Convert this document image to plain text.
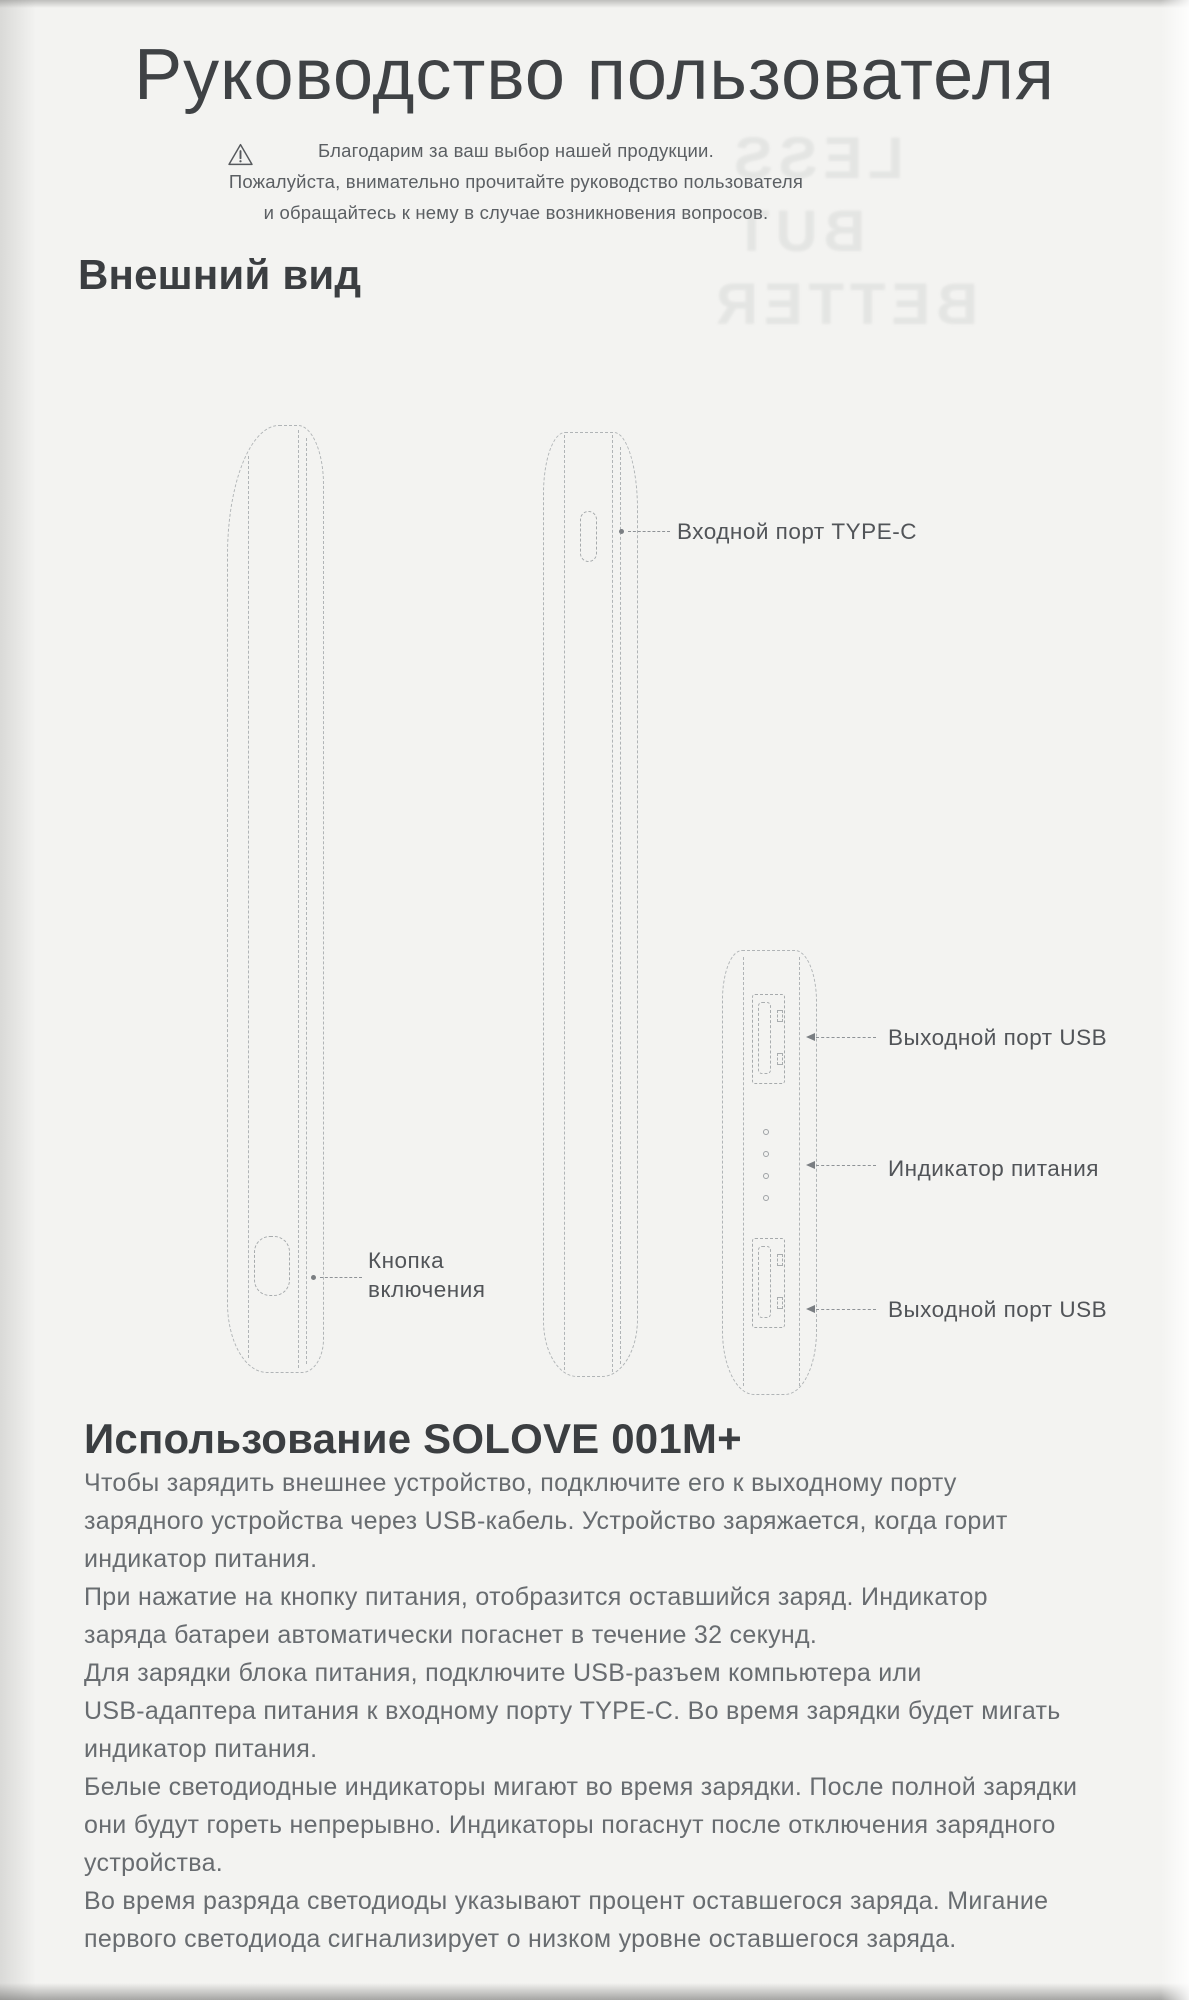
LESS
BUT
BETTER
Руководство пользователя
Благодарим за ваш выбор нашей продукции.
Пожалуйста, внимательно прочитайте руководство пользователя
и обращайтесь к нему в случае возникновения вопросов.
Внешний вид
Входной порт TYPE-C
Выходной порт USB
Индикатор питания
Выходной порт USB
Кнопка
включения
Использование SOLOVE 001M+
Чтобы зарядить внешнее устройство, подключите его к выходному порту
зарядного устройства через USB-кабель. Устройство заряжается, когда горит
индикатор питания.
При нажатие на кнопку питания, отобразится оставшийся заряд. Индикатор
заряда батареи автоматически погаснет в течение 32 секунд.
Для зарядки блока питания, подключите USB-разъем компьютера или
USB-адаптера питания к входному порту TYPE-C. Во время зарядки будет мигать
индикатор питания.
Белые светодиодные индикаторы мигают во время зарядки. После полной зарядки
они будут гореть непрерывно. Индикаторы погаснут после отключения зарядного
устройства.
Во время разряда светодиоды указывают процент оставшегося заряда. Мигание
первого светодиода сигнализирует о низком уровне оставшегося заряда.
